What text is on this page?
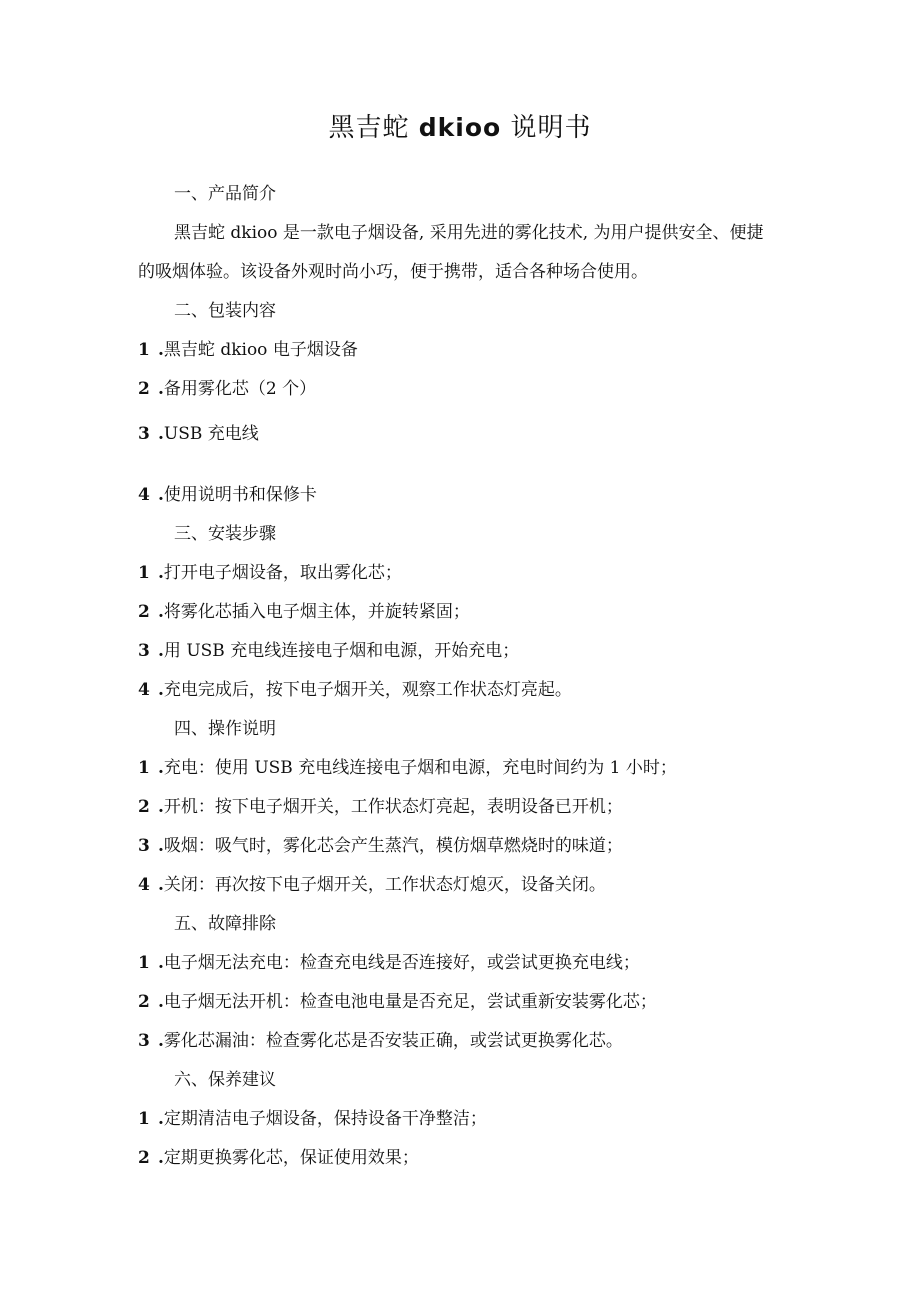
黑吉蛇 dkioo 说明书
一、产品简介
黑吉蛇 dkioo 是一款电子烟设备, 采用先进的雾化技术, 为用户提供安全、便捷
的吸烟体验。该设备外观时尚小巧，便于携带，适合各种场合使用。
二、包装内容
1 .黑吉蛇 dkioo 电子烟设备
2 .备用雾化芯（2 个）
3 .USB 充电线
4 .使用说明书和保修卡
三、安装步骤
1 .打开电子烟设备，取出雾化芯；
2 .将雾化芯插入电子烟主体，并旋转紧固；
3 .用 USB 充电线连接电子烟和电源，开始充电；
4 .充电完成后，按下电子烟开关，观察工作状态灯亮起。
四、操作说明
1 .充电：使用 USB 充电线连接电子烟和电源，充电时间约为 1 小时；
2 .开机：按下电子烟开关，工作状态灯亮起，表明设备已开机；
3 .吸烟：吸气时，雾化芯会产生蒸汽，模仿烟草燃烧时的味道；
4 .关闭：再次按下电子烟开关，工作状态灯熄灭，设备关闭。
五、故障排除
1 .电子烟无法充电：检查充电线是否连接好，或尝试更换充电线；
2 .电子烟无法开机：检查电池电量是否充足，尝试重新安装雾化芯；
3 .雾化芯漏油：检查雾化芯是否安装正确，或尝试更换雾化芯。
六、保养建议
1 .定期清洁电子烟设备，保持设备干净整洁；
2 .定期更换雾化芯，保证使用效果；
